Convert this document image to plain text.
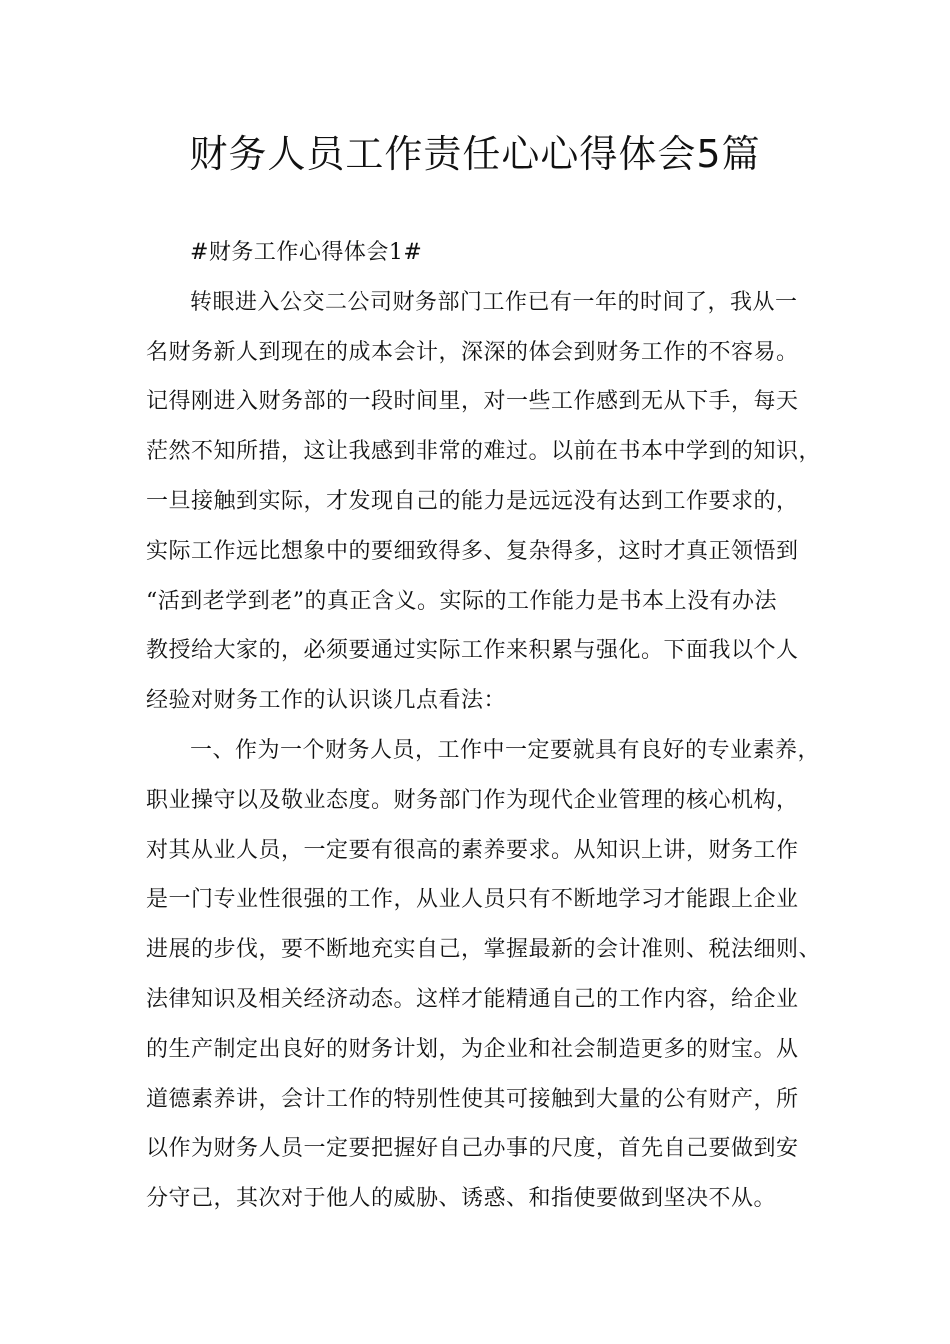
财务人员工作责任心心得体会5篇
#财务工作心得体会1#
转眼进入公交二公司财务部门工作已有一年的时间了，我从一
名财务新人到现在的成本会计，深深的体会到财务工作的不容易。
记得刚进入财务部的一段时间里，对一些工作感到无从下手，每天
茫然不知所措，这让我感到非常的难过。以前在书本中学到的知识，
一旦接触到实际，才发现自己的能力是远远没有达到工作要求的，
实际工作远比想象中的要细致得多、复杂得多，这时才真正领悟到
“活到老学到老”的真正含义。实际的工作能力是书本上没有办法
教授给大家的，必须要通过实际工作来积累与强化。下面我以个人
经验对财务工作的认识谈几点看法：
一、作为一个财务人员，工作中一定要就具有良好的专业素养，
职业操守以及敬业态度。财务部门作为现代企业管理的核心机构，
对其从业人员，一定要有很高的素养要求。从知识上讲，财务工作
是一门专业性很强的工作，从业人员只有不断地学习才能跟上企业
进展的步伐，要不断地充实自己，掌握最新的会计准则、税法细则、
法律知识及相关经济动态。这样才能精通自己的工作内容，给企业
的生产制定出良好的财务计划，为企业和社会制造更多的财宝。从
道德素养讲，会计工作的特别性使其可接触到大量的公有财产，所
以作为财务人员一定要把握好自己办事的尺度，首先自己要做到安
分守己，其次对于他人的威胁、诱惑、和指使要做到坚决不从。
